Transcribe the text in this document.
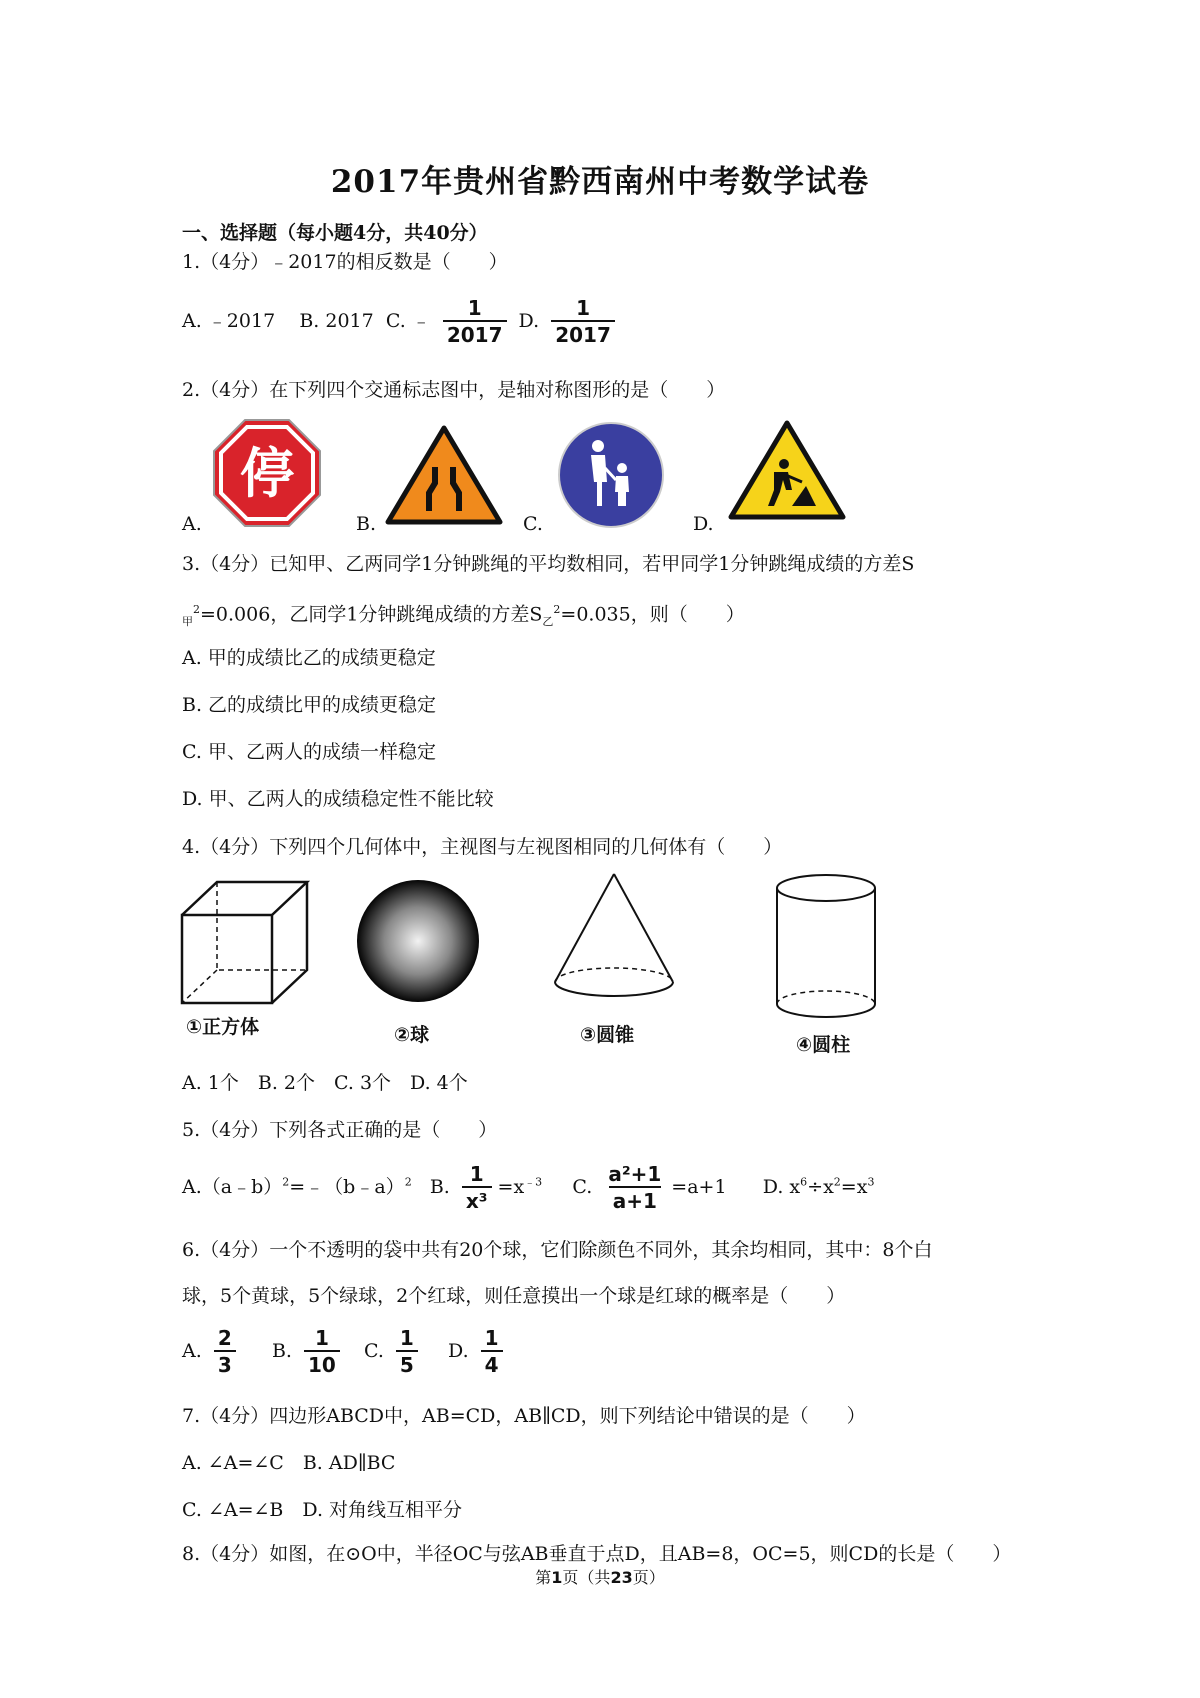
2017年贵州省黔西南州中考数学试卷
一、选择题（每小题4分，共40分）
1.（4分）﹣2017的相反数是（　　）
A. ﹣2017 B. 2017 C. ﹣ $\frac{1}{2017} D$. $\frac{1}{2017}$
2.（4分）在下列四个交通标志图中，是轴对称图形的是（　　）
停
A.	B.	C.	D.
3.（4分）已知甲、乙两同学1分钟跳绳的平均数相同，若甲同学1分钟跳绳成绩的方差S
$_甲^2$=0.006，乙同学1分钟跳绳成绩的方差$S_乙^2=0.035$，则（　　）
A. 甲的成绩比乙的成绩更稳定
B. 乙的成绩比甲的成绩更稳定
C. 甲、乙两人的成绩一样稳定
D. 甲、乙两人的成绩稳定性不能比较
4.（4分）下列四个几何体中，主视图与左视图相同的几何体有（　　）
①正方体	②球	③圆锥	④圆柱
A. 1个　B. 2个　C. 3个　D. 4个
5.（4分）下列各式正确的是（　　）
A.（a﹣b）$^2$=﹣（b﹣a）$^2$ B. $\frac{1}{\text{x³}} =x^{﹣3}$ C. $\frac{\text{a²+1}}{a+1} =a+1$ D. $x^6\div x^2=x^3$
6.（4分）一个不透明的袋中共有20个球，它们除颜色不同外，其余均相同，其中：8个白
球，5个黄球，5个绿球，2个红球，则任意摸出一个球是红球的概率是（　　）
A. $\frac{2}{3} B$. $\frac{1}{10} C$. $\frac{1}{5} D$. $\frac{1}{4}$
7.（4分）四边形ABCD中，AB=CD，AB∥CD，则下列结论中错误的是（　　）
A. ∠A=∠C　B. AD∥BC
C. ∠A=∠B　D. 对角线互相平分
8.（4分）如图，在⊙O中，半径OC与弦AB垂直于点D，且AB=8，OC=5，则CD的长是（　　）
第1页（共23页）
